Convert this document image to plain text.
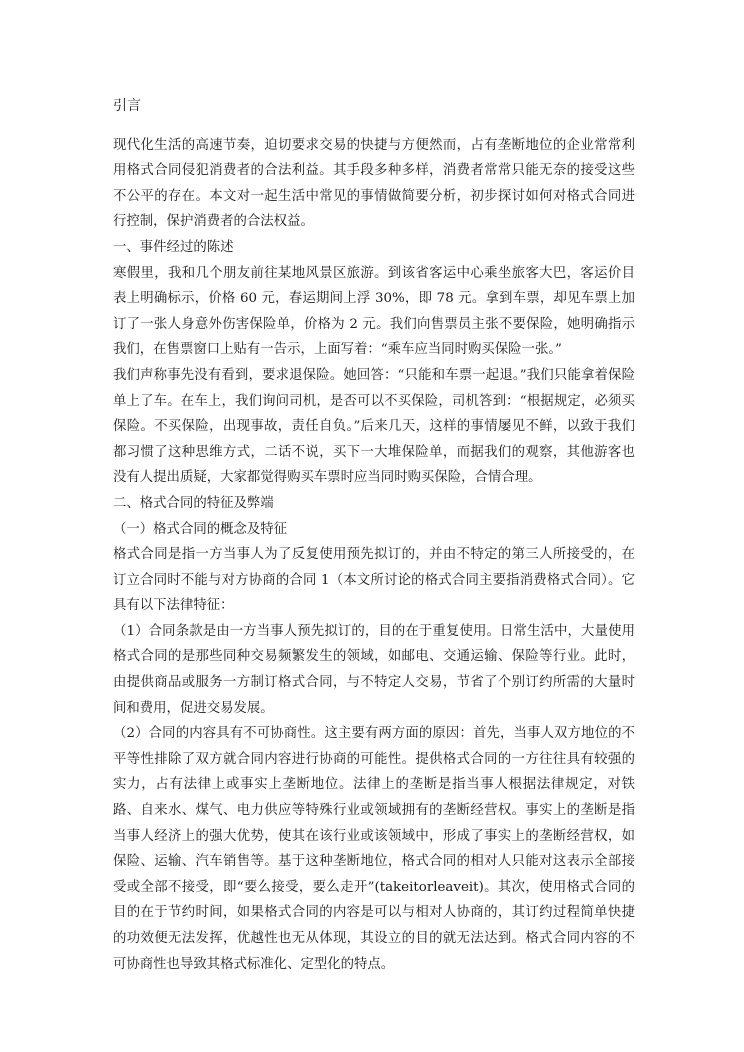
引言

现代化生活的高速节奏，迫切要求交易的快捷与方便然而，占有垄断地位的企业常常利用格式合同侵犯消费者的合法利益。其手段多种多样，消费者常常只能无奈的接受这些不公平的存在。本文对一起生活中常见的事情做简要分析，初步探讨如何对格式合同进行控制，保护消费者的合法权益。

一、事件经过的陈述

寒假里，我和几个朋友前往某地风景区旅游。到该省客运中心乘坐旅客大巴，客运价目表上明确标示，价格 60 元，春运期间上浮 30%，即 78 元。拿到车票，却见车票上加订了一张人身意外伤害保险单，价格为 2 元。我们向售票员主张不要保险，她明确指示我们，在售票窗口上贴有一告示，上面写着：“乘车应当同时购买保险一张。”

我们声称事先没有看到，要求退保险。她回答：“只能和车票一起退。”我们只能拿着保险单上了车。在车上，我们询问司机，是否可以不买保险，司机答到：“根据规定，必须买保险。不买保险，出现事故，责任自负。”后来几天，这样的事情屡见不鲜，以致于我们都习惯了这种思维方式，二话不说，买下一大堆保险单，而据我们的观察，其他游客也没有人提出质疑，大家都觉得购买车票时应当同时购买保险，合情合理。

二、格式合同的特征及弊端

（一）格式合同的概念及特征

格式合同是指一方当事人为了反复使用预先拟订的，并由不特定的第三人所接受的，在订立合同时不能与对方协商的合同 1（本文所讨论的格式合同主要指消费格式合同）。它具有以下法律特征：

（1）合同条款是由一方当事人预先拟订的，目的在于重复使用。日常生活中，大量使用格式合同的是那些同种交易频繁发生的领域，如邮电、交通运输、保险等行业。此时，由提供商品或服务一方制订格式合同，与不特定人交易，节省了个别订约所需的大量时间和费用，促进交易发展。

（2）合同的内容具有不可协商性。这主要有两方面的原因：首先，当事人双方地位的不平等性排除了双方就合同内容进行协商的可能性。提供格式合同的一方往往具有较强的实力，占有法律上或事实上垄断地位。法律上的垄断是指当事人根据法律规定，对铁路、自来水、煤气、电力供应等特殊行业或领域拥有的垄断经营权。事实上的垄断是指当事人经济上的强大优势，使其在该行业或该领域中，形成了事实上的垄断经营权，如保险、运输、汽车销售等。基于这种垄断地位，格式合同的相对人只能对这表示全部接受或全部不接受，即“要么接受，要么走开”(takeitorleaveit)。其次，使用格式合同的目的在于节约时间，如果格式合同的内容是可以与相对人协商的，其订约过程简单快捷的功效便无法发挥，优越性也无从体现，其设立的目的就无法达到。格式合同内容的不可协商性也导致其格式标准化、定型化的特点。
